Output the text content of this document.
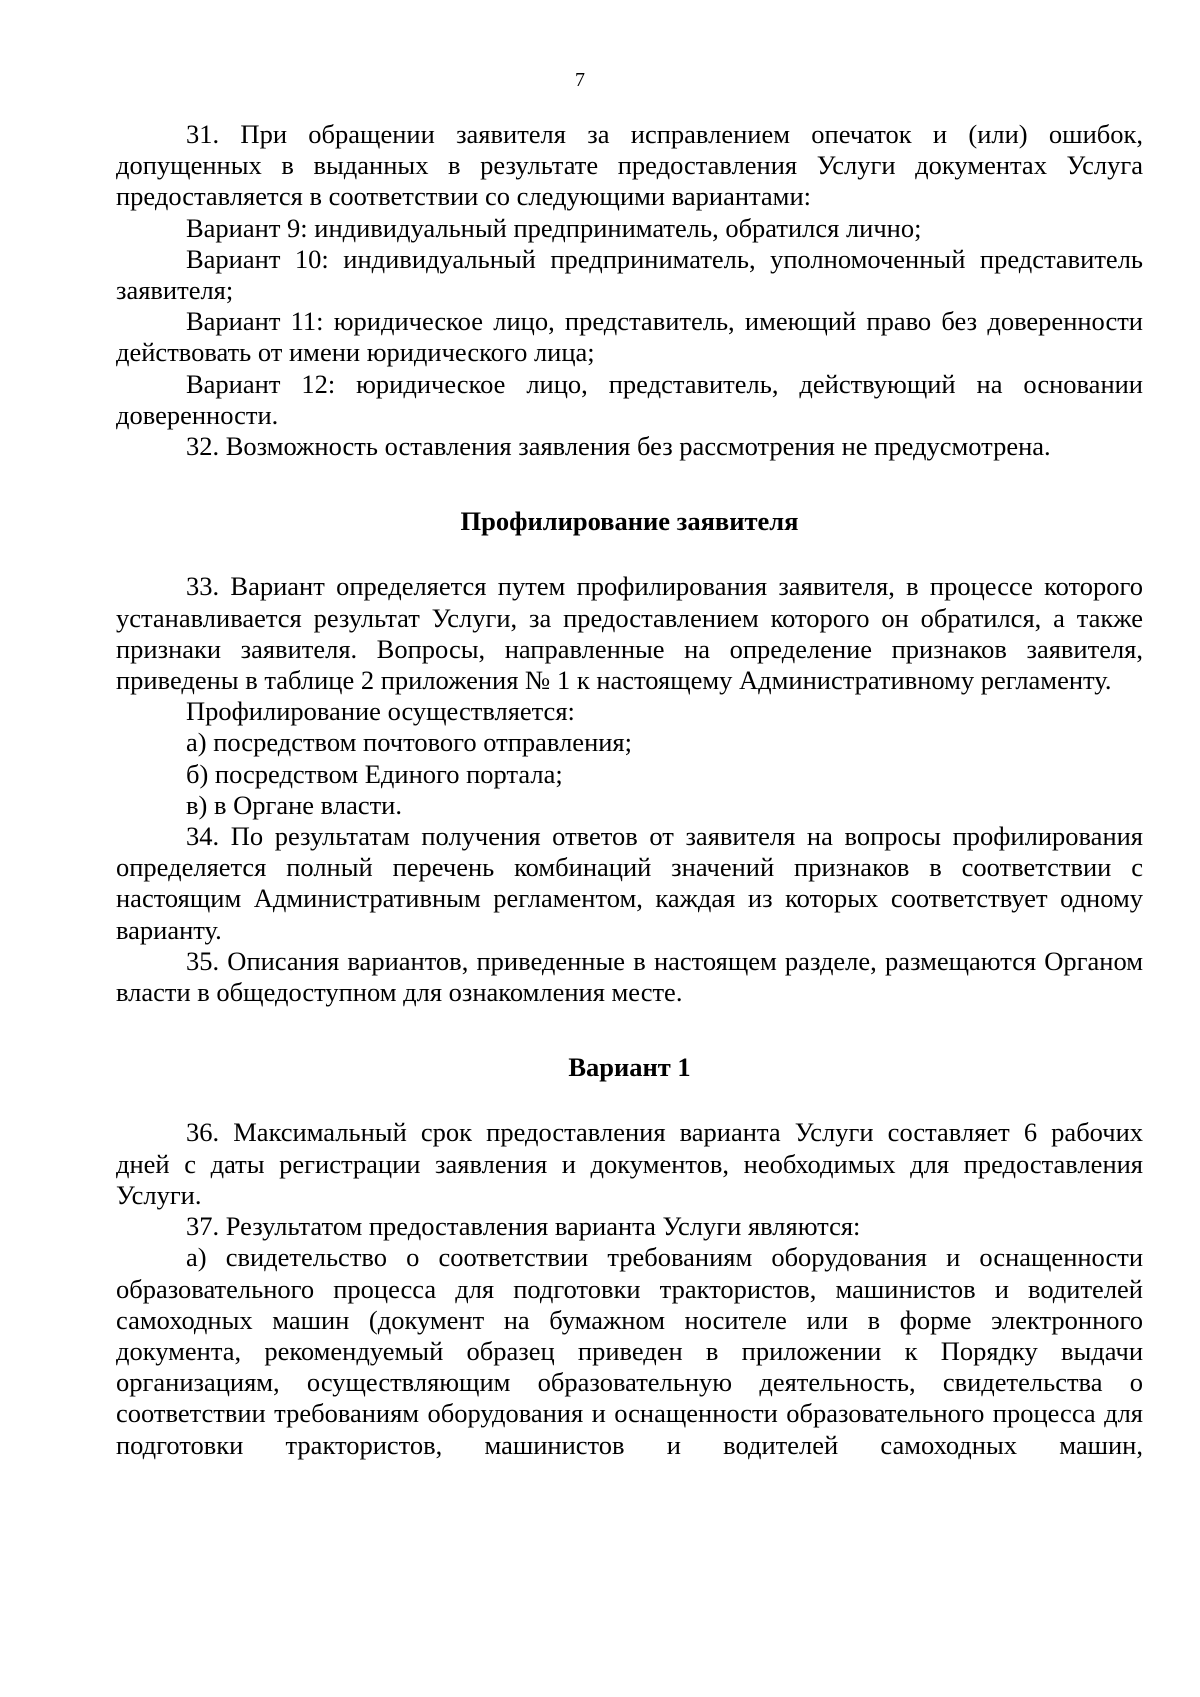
7

31. При обращении заявителя за исправлением опечаток и (или) ошибок, допущенных в выданных в результате предоставления Услуги документах Услуга предоставляется в соответствии со следующими вариантами:

Вариант 9: индивидуальный предприниматель, обратился лично;

Вариант 10: индивидуальный предприниматель, уполномоченный представитель заявителя;

Вариант 11: юридическое лицо, представитель, имеющий право без доверенности действовать от имени юридического лица;

Вариант 12: юридическое лицо, представитель, действующий на основании доверенности.

32. Возможность оставления заявления без рассмотрения не предусмотрена.

Профилирование заявителя

33. Вариант определяется путем профилирования заявителя, в процессе которого устанавливается результат Услуги, за предоставлением которого он обратился, а также признаки заявителя. Вопросы, направленные на определение признаков заявителя, приведены в таблице 2 приложения № 1 к настоящему Административному регламенту.

Профилирование осуществляется:

а) посредством почтового отправления;

б) посредством Единого портала;

в) в Органе власти.

34. По результатам получения ответов от заявителя на вопросы профилирования определяется полный перечень комбинаций значений признаков в соответствии с настоящим Административным регламентом, каждая из которых соответствует одному варианту.

35. Описания вариантов, приведенные в настоящем разделе, размещаются Органом власти в общедоступном для ознакомления месте.

Вариант 1

36. Максимальный срок предоставления варианта Услуги составляет 6 рабочих дней с даты регистрации заявления и документов, необходимых для предоставления Услуги.

37. Результатом предоставления варианта Услуги являются:

а) свидетельство о соответствии требованиям оборудования и оснащенности образовательного процесса для подготовки трактористов, машинистов и водителей самоходных машин (документ на бумажном носителе или в форме электронного документа, рекомендуемый образец приведен в приложении к Порядку выдачи организациям, осуществляющим образовательную деятельность, свидетельства о соответствии требованиям оборудования и оснащенности образовательного процесса для подготовки трактористов, машинистов и водителей самоходных машин,
